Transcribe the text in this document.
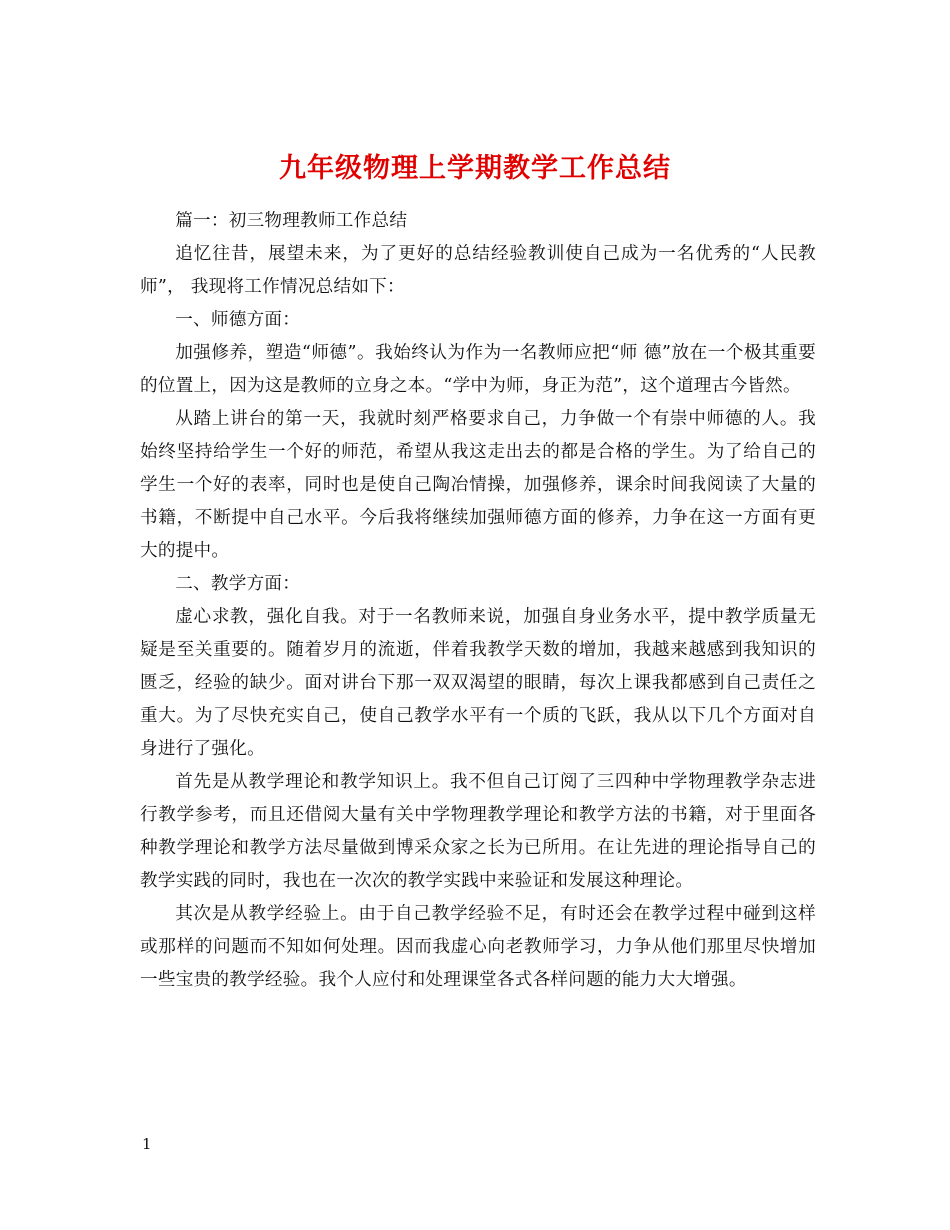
九年级物理上学期教学工作总结

篇一：初三物理教师工作总结

追忆往昔，展望未来，为了更好的总结经验教训使自己成为一名优秀的“人民教师”， 我现将工作情况总结如下：

一、师德方面：

加强修养，塑造“师德”。我始终认为作为一名教师应把“师 德”放在一个极其重要的位置上，因为这是教师的立身之本。“学中为师，身正为范”，这个道理古今皆然。

从踏上讲台的第一天，我就时刻严格要求自己，力争做一个有崇中师德的人。我始终坚持给学生一个好的师范，希望从我这走出去的都是合格的学生。为了给自己的学生一个好的表率，同时也是使自己陶冶情操，加强修养，课余时间我阅读了大量的书籍，不断提中自己水平。今后我将继续加强师德方面的修养，力争在这一方面有更大的提中。

二、教学方面：

虚心求教，强化自我。对于一名教师来说，加强自身业务水平，提中教学质量无疑是至关重要的。随着岁月的流逝，伴着我教学天数的增加，我越来越感到我知识的匮乏，经验的缺少。面对讲台下那一双双渴望的眼睛，每次上课我都感到自己责任之重大。为了尽快充实自己，使自己教学水平有一个质的飞跃，我从以下几个方面对自身进行了强化。

首先是从教学理论和教学知识上。我不但自己订阅了三四种中学物理教学杂志进行教学参考，而且还借阅大量有关中学物理教学理论和教学方法的书籍，对于里面各种教学理论和教学方法尽量做到博采众家之长为已所用。在让先进的理论指导自己的教学实践的同时，我也在一次次的教学实践中来验证和发展这种理论。

其次是从教学经验上。由于自己教学经验不足，有时还会在教学过程中碰到这样或那样的问题而不知如何处理。因而我虚心向老教师学习，力争从他们那里尽快增加一些宝贵的教学经验。我个人应付和处理课堂各式各样问题的能力大大增强。

1
